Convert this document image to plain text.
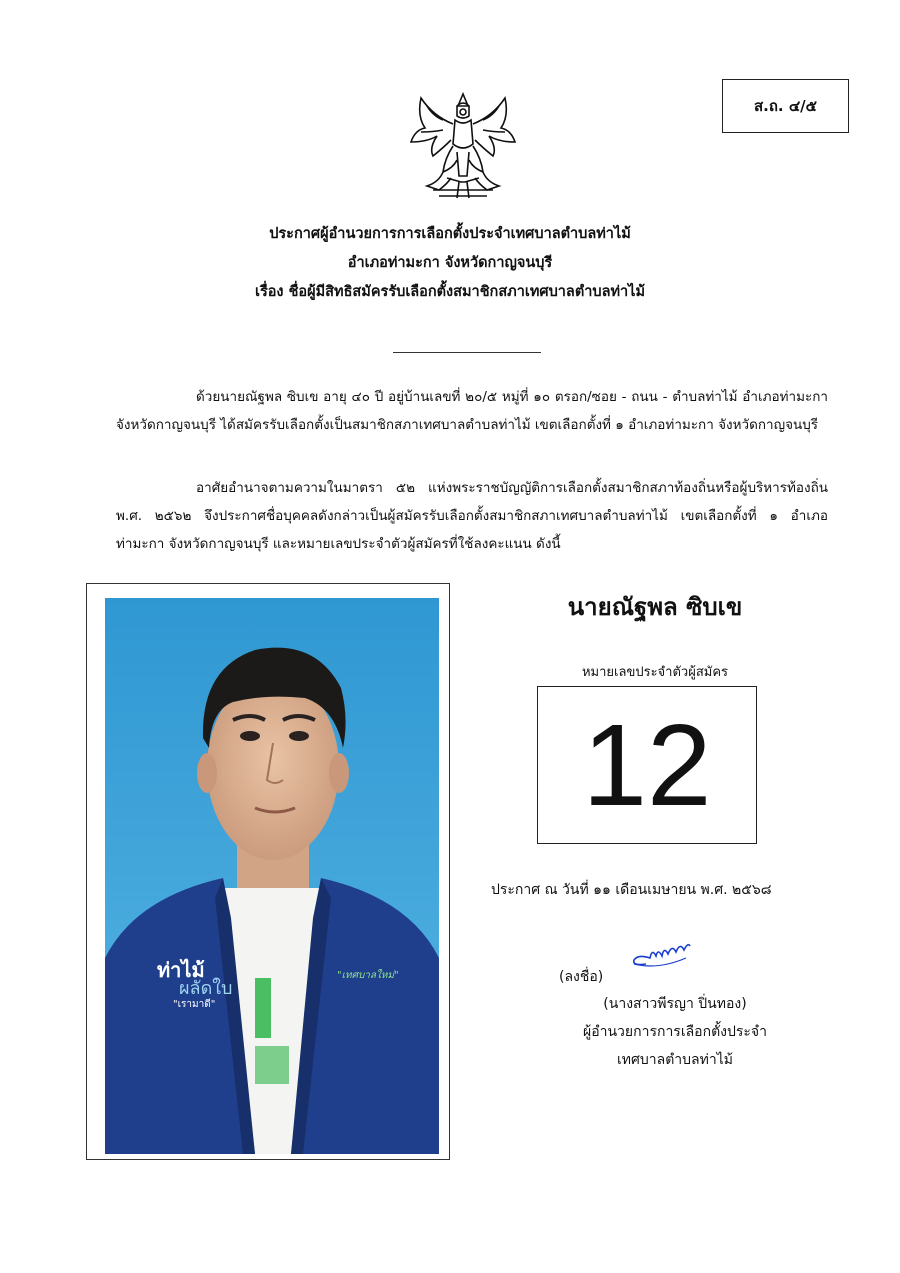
ส.ถ. ๔/๕
ประกาศผู้อำนวยการการเลือกตั้งประจำเทศบาลตำบลท่าไม้
อำเภอท่ามะกา จังหวัดกาญจนบุรี
เรื่อง ชื่อผู้มีสิทธิสมัครรับเลือกตั้งสมาชิกสภาเทศบาลตำบลท่าไม้

ด้วยนายณัฐพล ซิบเข อายุ ๔๐ ปี อยู่บ้านเลขที่ ๒๐/๕ หมู่ที่ ๑๐ ตรอก/ซอย - ถนน - ตำบลท่าไม้ อำเภอท่ามะกา จังหวัดกาญจนบุรี ได้สมัครรับเลือกตั้งเป็นสมาชิกสภาเทศบาลตำบลท่าไม้ เขตเลือกตั้งที่ ๑ อำเภอท่ามะกา จังหวัดกาญจนบุรี

อาศัยอำนาจตามความในมาตรา ๕๒ แห่งพระราชบัญญัติการเลือกตั้งสมาชิกสภาท้องถิ่นหรือผู้บริหารท้องถิ่น พ.ศ. ๒๕๖๒ จึงประกาศชื่อบุคคลดังกล่าวเป็นผู้สมัครรับเลือกตั้งสมาชิกสภาเทศบาลตำบลท่าไม้ เขตเลือกตั้งที่ ๑ อำเภอท่ามะกา จังหวัดกาญจนบุรี และหมายเลขประจำตัวผู้สมัครที่ใช้ลงคะแนน ดังนี้

ท่าไม้
ผลัดใบ
"เรามาดี"
"เทศบาลใหม่"
นายณัฐพล ซิบเข
หมายเลขประจำตัวผู้สมัคร
12
ประกาศ ณ วันที่ ๑๑ เดือนเมษายน พ.ศ. ๒๕๖๘
(ลงชื่อ)
(นางสาวพีรญา ปิ่นทอง)
ผู้อำนวยการการเลือกตั้งประจำ
เทศบาลตำบลท่าไม้
